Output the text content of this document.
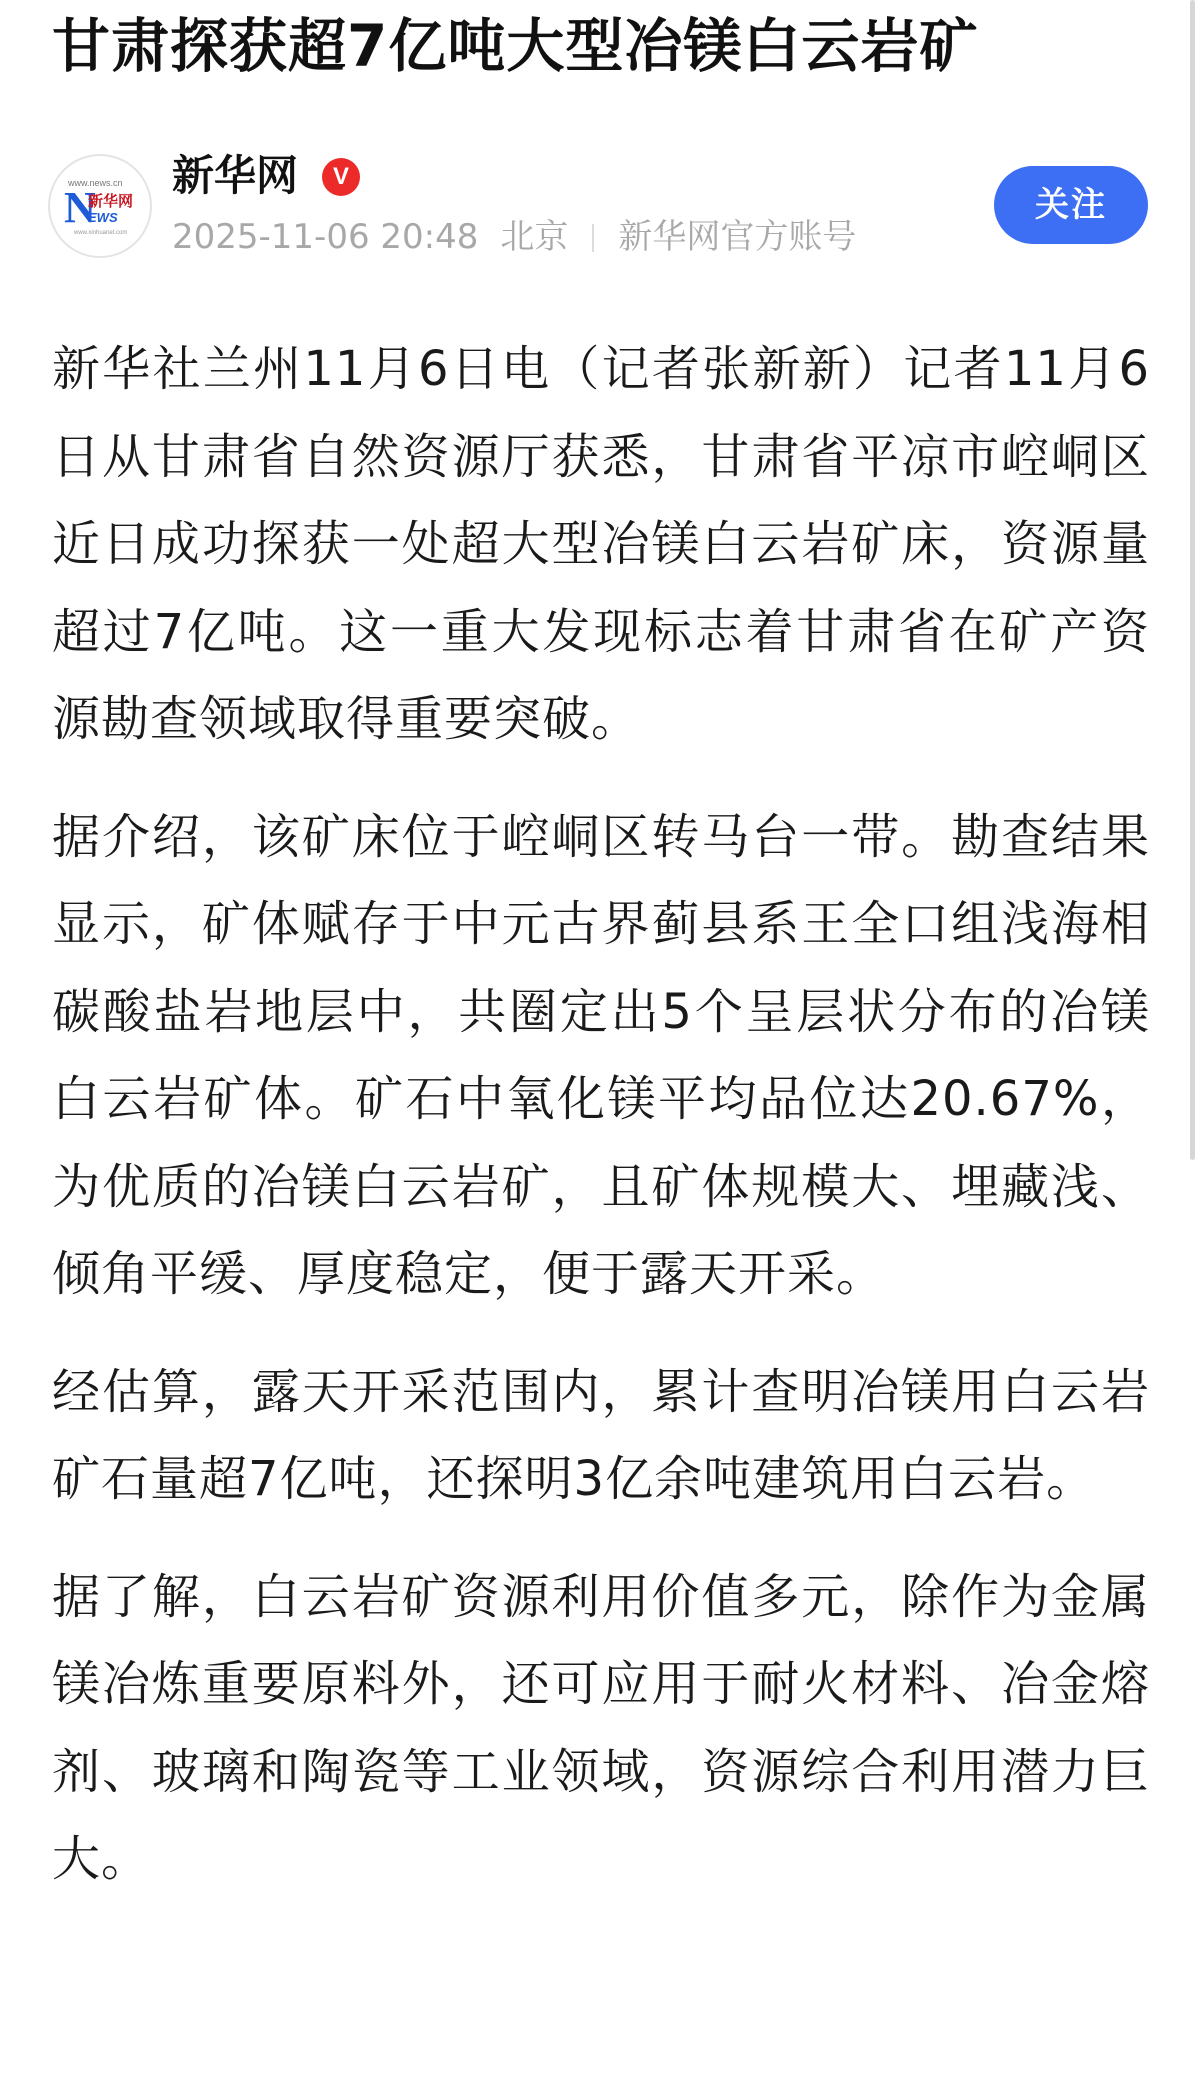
甘肃探获超7亿吨大型冶镁白云岩矿
www.news.cn
N
新华网
EWS
www.xinhuanet.com
新华网	V
2025-11-06 20:48 北京 新华网官方账号
关注

新华社兰州11月6日电（记者张新新）记者11月6日从甘肃省自然资源厅获悉，甘肃省平凉市崆峒区近日成功探获一处超大型冶镁白云岩矿床，资源量超过7亿吨。这一重大发现标志着甘肃省在矿产资源勘查领域取得重要突破。

据介绍，该矿床位于崆峒区转马台一带。勘查结果显示，矿体赋存于中元古界蓟县系王全口组浅海相碳酸盐岩地层中，共圈定出5个呈层状分布的冶镁白云岩矿体。矿石中氧化镁平均品位达20.67%，为优质的冶镁白云岩矿，且矿体规模大、埋藏浅、倾角平缓、厚度稳定，便于露天开采。

经估算，露天开采范围内，累计查明冶镁用白云岩矿石量超7亿吨，还探明3亿余吨建筑用白云岩。

据了解，白云岩矿资源利用价值多元，除作为金属镁冶炼重要原料外，还可应用于耐火材料、冶金熔剂、玻璃和陶瓷等工业领域，资源综合利用潜力巨大。
